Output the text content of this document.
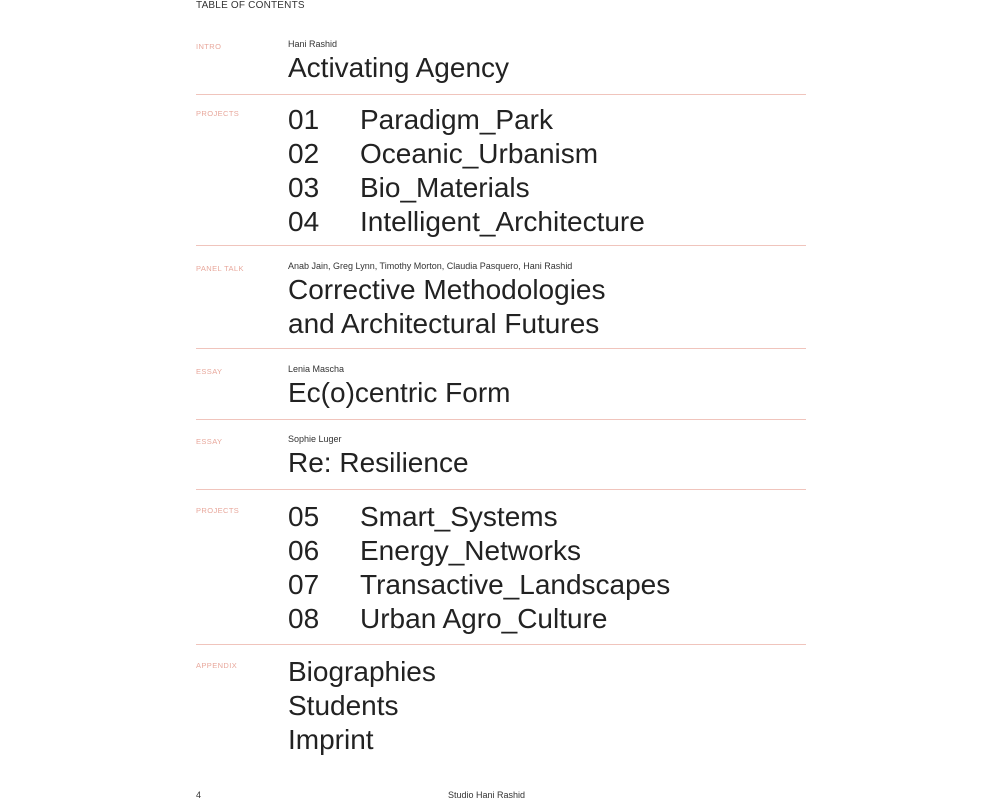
TABLE OF CONTENTS
INTRO	Hani Rashid
Activating Agency
PROJECTS 01	Paradigm_Park
02	Oceanic_Urbanism
03	Bio_Materials
04	Intelligent_Architecture
PANEL TALK	Anab Jain, Greg Lynn, Timothy Morton, Claudia Pasquero, Hani Rashid
Corrective Methodologies
and Architectural Futures
ESSAY	Lenia Mascha
Ec(o)centric Form
ESSAY	Sophie Luger
Re: Resilience
PROJECTS 05	Smart_Systems
06	Energy_Networks
07	Transactive_Landscapes
08	Urban Agro_Culture
APPENDIX Biographies
Students
Imprint
4	Studio Hani Rashid
